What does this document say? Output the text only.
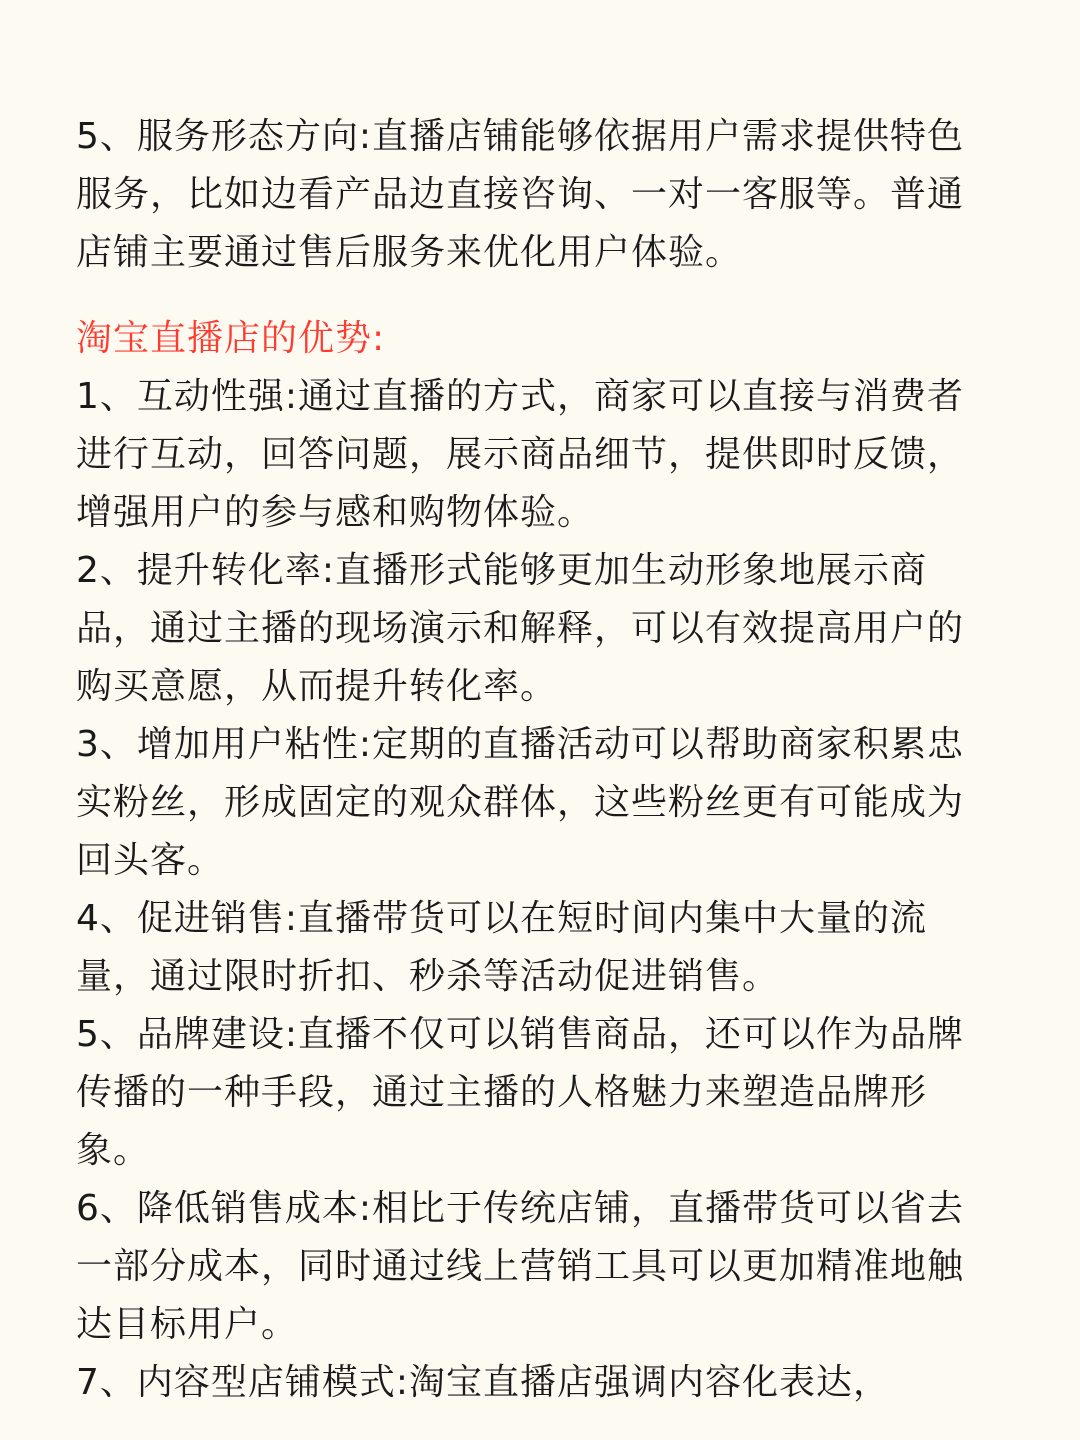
5、服务形态方向:直播店铺能够依据用户需求提供特色服务，比如边看产品边直接咨询、一对一客服等。普通店铺主要通过售后服务来优化用户体验。

淘宝直播店的优势:

1、互动性强:通过直播的方式，商家可以直接与消费者进行互动，回答问题，展示商品细节，提供即时反馈，增强用户的参与感和购物体验。

2、提升转化率:直播形式能够更加生动形象地展示商品，通过主播的现场演示和解释，可以有效提高用户的购买意愿，从而提升转化率。

3、增加用户粘性:定期的直播活动可以帮助商家积累忠实粉丝，形成固定的观众群体，这些粉丝更有可能成为回头客。

4、促进销售:直播带货可以在短时间内集中大量的流量，通过限时折扣、秒杀等活动促进销售。

5、品牌建设:直播不仅可以销售商品，还可以作为品牌传播的一种手段，通过主播的人格魅力来塑造品牌形象。

6、降低销售成本:相比于传统店铺，直播带货可以省去一部分成本，同时通过线上营销工具可以更加精准地触达目标用户。

7、内容型店铺模式:淘宝直播店强调内容化表达，
